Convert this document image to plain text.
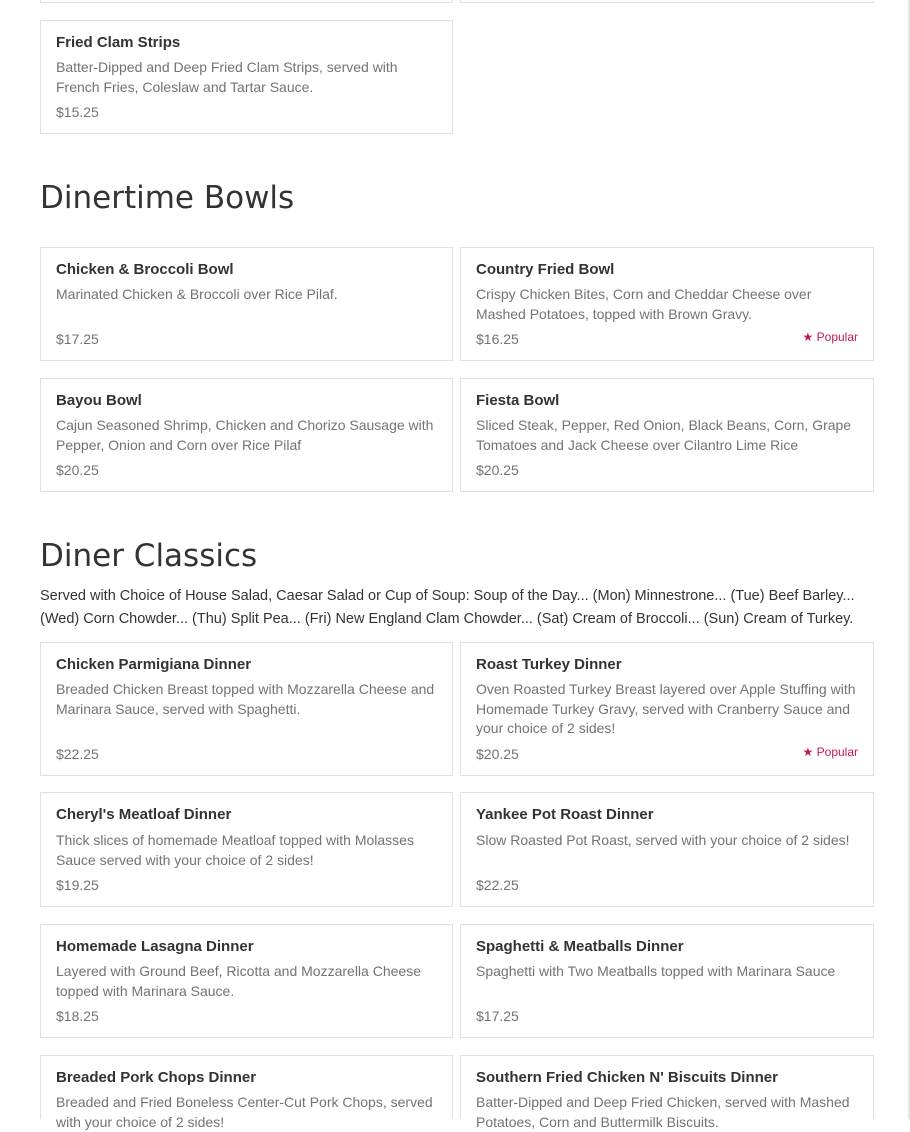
Fried Clam Strips
Batter-Dipped and Deep Fried Clam Strips, served with French Fries, Coleslaw and Tartar Sauce.
$15.25
Dinertime Bowls
Chicken & Broccoli Bowl
Marinated Chicken & Broccoli over Rice Pilaf.
$17.25
Country Fried Bowl
Crispy Chicken Bites, Corn and Cheddar Cheese over Mashed Potatoes, topped with Brown Gravy.
$16.25	★ Popular
Bayou Bowl
Cajun Seasoned Shrimp, Chicken and Chorizo Sausage with Pepper, Onion and Corn over Rice Pilaf
$20.25
Fiesta Bowl
Sliced Steak, Pepper, Red Onion, Black Beans, Corn, Grape Tomatoes and Jack Cheese over Cilantro Lime Rice
$20.25
Diner Classics
Served with Choice of House Salad, Caesar Salad or Cup of Soup: Soup of the Day... (Mon) Minnestrone... (Tue) Beef Barley... (Wed) Corn Chowder... (Thu) Split Pea... (Fri) New England Clam Chowder... (Sat) Cream of Broccoli... (Sun) Cream of Turkey.
Chicken Parmigiana Dinner
Breaded Chicken Breast topped with Mozzarella Cheese and Marinara Sauce, served with Spaghetti.
$22.25
Roast Turkey Dinner
Oven Roasted Turkey Breast layered over Apple Stuffing with Homemade Turkey Gravy, served with Cranberry Sauce and your choice of 2 sides!
$20.25	★ Popular
Cheryl's Meatloaf Dinner
Thick slices of homemade Meatloaf topped with Molasses Sauce served with your choice of 2 sides!
$19.25
Yankee Pot Roast Dinner
Slow Roasted Pot Roast, served with your choice of 2 sides!
$22.25
Homemade Lasagna Dinner
Layered with Ground Beef, Ricotta and Mozzarella Cheese topped with Marinara Sauce.
$18.25
Spaghetti & Meatballs Dinner
Spaghetti with Two Meatballs topped with Marinara Sauce
$17.25
Breaded Pork Chops Dinner
Breaded and Fried Boneless Center-Cut Pork Chops, served with your choice of 2 sides!
Southern Fried Chicken N' Biscuits Dinner
Batter-Dipped and Deep Fried Chicken, served with Mashed Potatoes, Corn and Buttermilk Biscuits.
